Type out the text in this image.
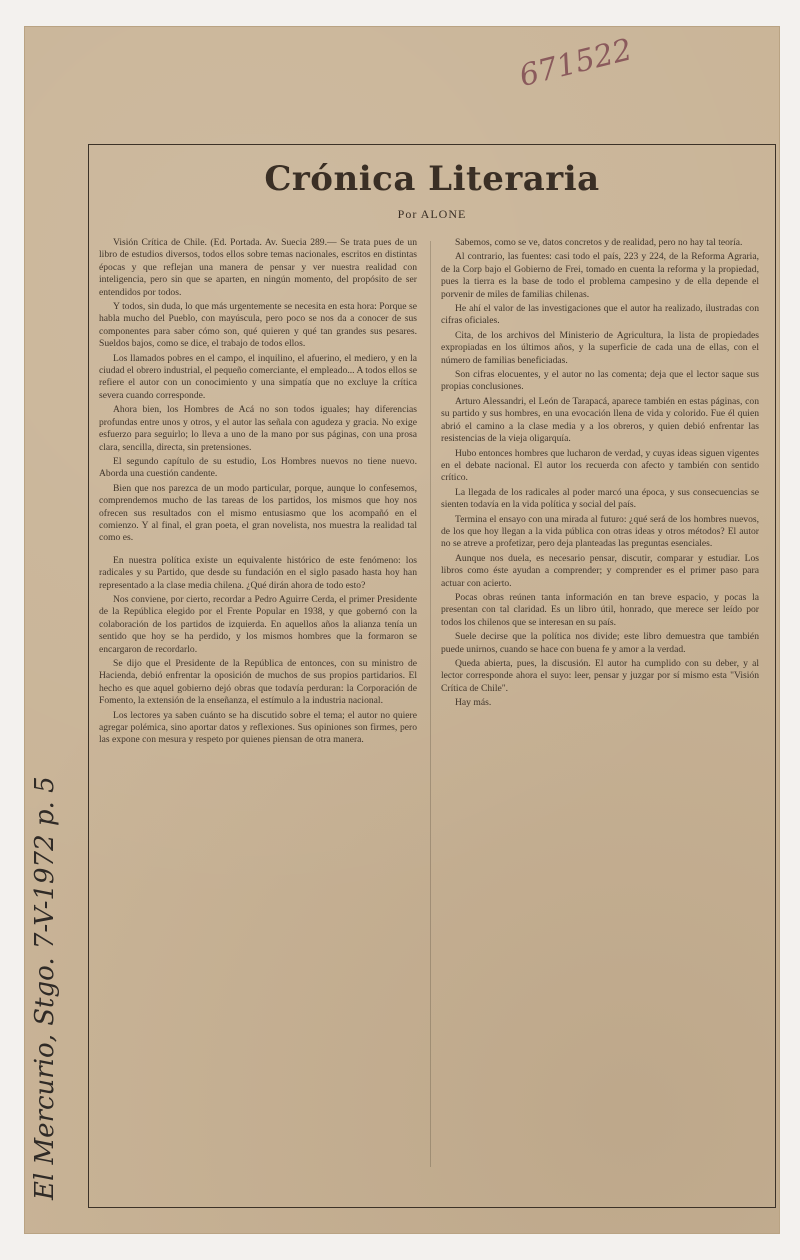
671522
Crónica Literaria
Por ALONE

Visión Crítica de Chile. (Ed. Portada. Av. Suecia 289.— Se trata pues de un libro de estudios diversos, todos ellos sobre temas nacionales, escritos en distintas épocas y que reflejan una manera de pensar y ver nuestra realidad con inteligencia, pero sin que se aparten, en ningún momento, del propósito de ser entendidos por todos.

Y todos, sin duda, lo que más urgentemente se necesita en esta hora: Porque se habla mucho del Pueblo, con mayúscula, pero poco se nos da a conocer de sus componentes para saber cómo son, qué quieren y qué tan grandes sus pesares. Sueldos bajos, como se dice, el trabajo de todos ellos.

Los llamados pobres en el campo, el inquilino, el afuerino, el mediero, y en la ciudad el obrero industrial, el pequeño comerciante, el empleado... A todos ellos se refiere el autor con un conocimiento y una simpatía que no excluye la crítica severa cuando corresponde.

Ahora bien, los Hombres de Acá no son todos iguales; hay diferencias profundas entre unos y otros, y el autor las señala con agudeza y gracia. No exige esfuerzo para seguirlo; lo lleva a uno de la mano por sus páginas, con una prosa clara, sencilla, directa, sin pretensiones.

El segundo capítulo de su estudio, Los Hombres nuevos no tiene nuevo. Aborda una cuestión candente.

Bien que nos parezca de un modo particular, porque, aunque lo confesemos, comprendemos mucho de las tareas de los partidos, los mismos que hoy nos ofrecen sus resultados con el mismo entusiasmo que los acompañó en el comienzo. Y al final, el gran poeta, el gran novelista, nos muestra la realidad tal como es.

En nuestra política existe un equivalente histórico de este fenómeno: los radicales y su Partido, que desde su fundación en el siglo pasado hasta hoy han representado a la clase media chilena. ¿Qué dirán ahora de todo esto?

Nos conviene, por cierto, recordar a Pedro Aguirre Cerda, el primer Presidente de la República elegido por el Frente Popular en 1938, y que gobernó con la colaboración de los partidos de izquierda. En aquellos años la alianza tenía un sentido que hoy se ha perdido, y los mismos hombres que la formaron se encargaron de recordarlo.

Se dijo que el Presidente de la República de entonces, con su ministro de Hacienda, debió enfrentar la oposición de muchos de sus propios partidarios. El hecho es que aquel gobierno dejó obras que todavía perduran: la Corporación de Fomento, la extensión de la enseñanza, el estímulo a la industria nacional.

Los lectores ya saben cuánto se ha discutido sobre el tema; el autor no quiere agregar polémica, sino aportar datos y reflexiones. Sus opiniones son firmes, pero las expone con mesura y respeto por quienes piensan de otra manera.

Sabemos, como se ve, datos concretos y de realidad, pero no hay tal teoría.

Al contrario, las fuentes: casi todo el país, 223 y 224, de la Reforma Agraria, de la Corp bajo el Gobierno de Frei, tomado en cuenta la reforma y la propiedad, pues la tierra es la base de todo el problema campesino y de ella depende el porvenir de miles de familias chilenas.

He ahí el valor de las investigaciones que el autor ha realizado, ilustradas con cifras oficiales.

Cita, de los archivos del Ministerio de Agricultura, la lista de propiedades expropiadas en los últimos años, y la superficie de cada una de ellas, con el número de familias beneficiadas.

Son cifras elocuentes, y el autor no las comenta; deja que el lector saque sus propias conclusiones.

Arturo Alessandri, el León de Tarapacá, aparece también en estas páginas, con su partido y sus hombres, en una evocación llena de vida y colorido. Fue él quien abrió el camino a la clase media y a los obreros, y quien debió enfrentar las resistencias de la vieja oligarquía.

Hubo entonces hombres que lucharon de verdad, y cuyas ideas siguen vigentes en el debate nacional. El autor los recuerda con afecto y también con sentido crítico.

La llegada de los radicales al poder marcó una época, y sus consecuencias se sienten todavía en la vida política y social del país.

Termina el ensayo con una mirada al futuro: ¿qué será de los hombres nuevos, de los que hoy llegan a la vida pública con otras ideas y otros métodos? El autor no se atreve a profetizar, pero deja planteadas las preguntas esenciales.

Aunque nos duela, es necesario pensar, discutir, comparar y estudiar. Los libros como éste ayudan a comprender; y comprender es el primer paso para actuar con acierto.

Pocas obras reúnen tanta información en tan breve espacio, y pocas la presentan con tal claridad. Es un libro útil, honrado, que merece ser leído por todos los chilenos que se interesan en su país.

Suele decirse que la política nos divide; este libro demuestra que también puede unirnos, cuando se hace con buena fe y amor a la verdad.

Queda abierta, pues, la discusión. El autor ha cumplido con su deber, y al lector corresponde ahora el suyo: leer, pensar y juzgar por sí mismo esta "Visión Crítica de Chile".

Hay más.

El Mercurio, Stgo. 7-V-1972 p. 5
